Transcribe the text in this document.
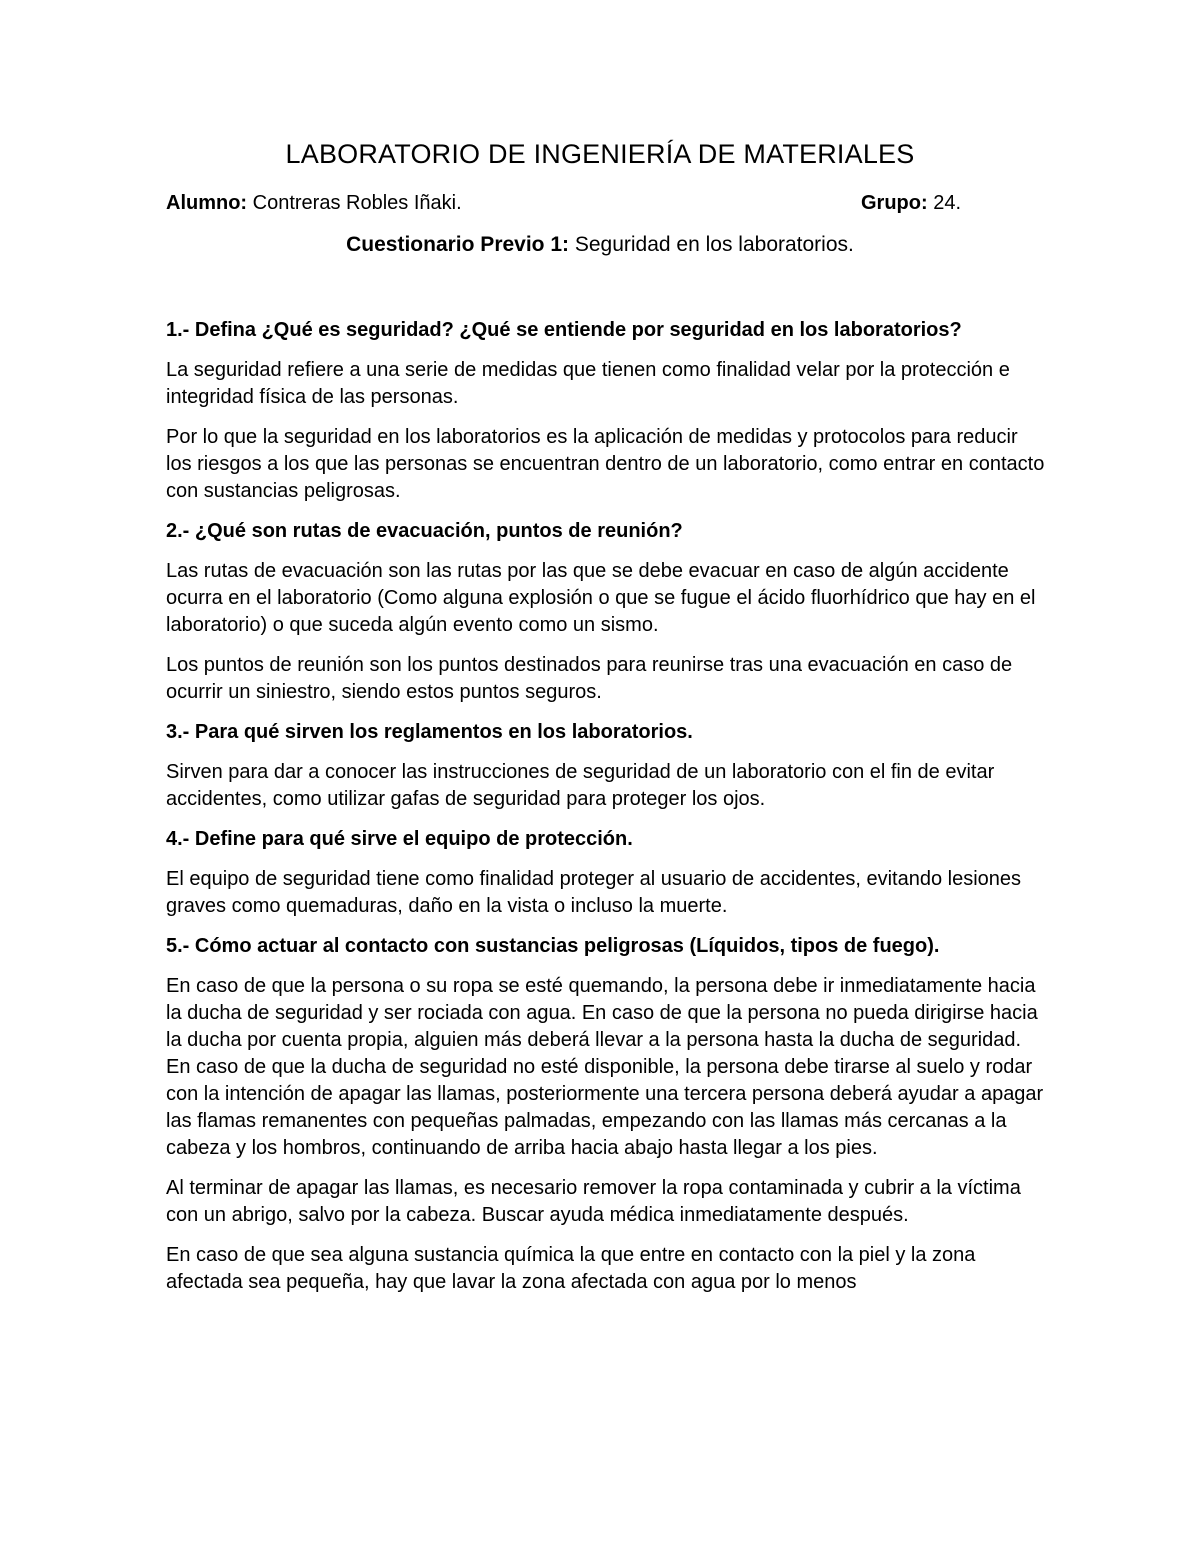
LABORATORIO DE INGENIERÍA DE MATERIALES
Alumno: Contreras Robles Iñaki.	Grupo: 24.
Cuestionario Previo 1: Seguridad en los laboratorios.
1.- Defina ¿Qué es seguridad? ¿Qué se entiende por seguridad en los laboratorios?

La seguridad refiere a una serie de medidas que tienen como finalidad velar por la protección e integridad física de las personas.

Por lo que la seguridad en los laboratorios es la aplicación de medidas y protocolos para reducir los riesgos a los que las personas se encuentran dentro de un laboratorio, como entrar en contacto con sustancias peligrosas.

2.- ¿Qué son rutas de evacuación, puntos de reunión?

Las rutas de evacuación son las rutas por las que se debe evacuar en caso de algún accidente ocurra en el laboratorio (Como alguna explosión o que se fugue el ácido fluorhídrico que hay en el laboratorio) o que suceda algún evento como un sismo.

Los puntos de reunión son los puntos destinados para reunirse tras una evacuación en caso de ocurrir un siniestro, siendo estos puntos seguros.

3.- Para qué sirven los reglamentos en los laboratorios.

Sirven para dar a conocer las instrucciones de seguridad de un laboratorio con el fin de evitar accidentes, como utilizar gafas de seguridad para proteger los ojos.

4.- Define para qué sirve el equipo de protección.

El equipo de seguridad tiene como finalidad proteger al usuario de accidentes, evitando lesiones graves como quemaduras, daño en la vista o incluso la muerte.

5.- Cómo actuar al contacto con sustancias peligrosas (Líquidos, tipos de fuego).

En caso de que la persona o su ropa se esté quemando, la persona debe ir inmediatamente hacia la ducha de seguridad y ser rociada con agua. En caso de que la persona no pueda dirigirse hacia la ducha por cuenta propia, alguien más deberá llevar a la persona hasta la ducha de seguridad. En caso de que la ducha de seguridad no esté disponible, la persona debe tirarse al suelo y rodar con la intención de apagar las llamas, posteriormente una tercera persona deberá ayudar a apagar las flamas remanentes con pequeñas palmadas, empezando con las llamas más cercanas a la cabeza y los hombros, continuando de arriba hacia abajo hasta llegar a los pies.

Al terminar de apagar las llamas, es necesario remover la ropa contaminada y cubrir a la víctima con un abrigo, salvo por la cabeza. Buscar ayuda médica inmediatamente después.

En caso de que sea alguna sustancia química la que entre en contacto con la piel y la zona afectada sea pequeña, hay que lavar la zona afectada con agua por lo menos
